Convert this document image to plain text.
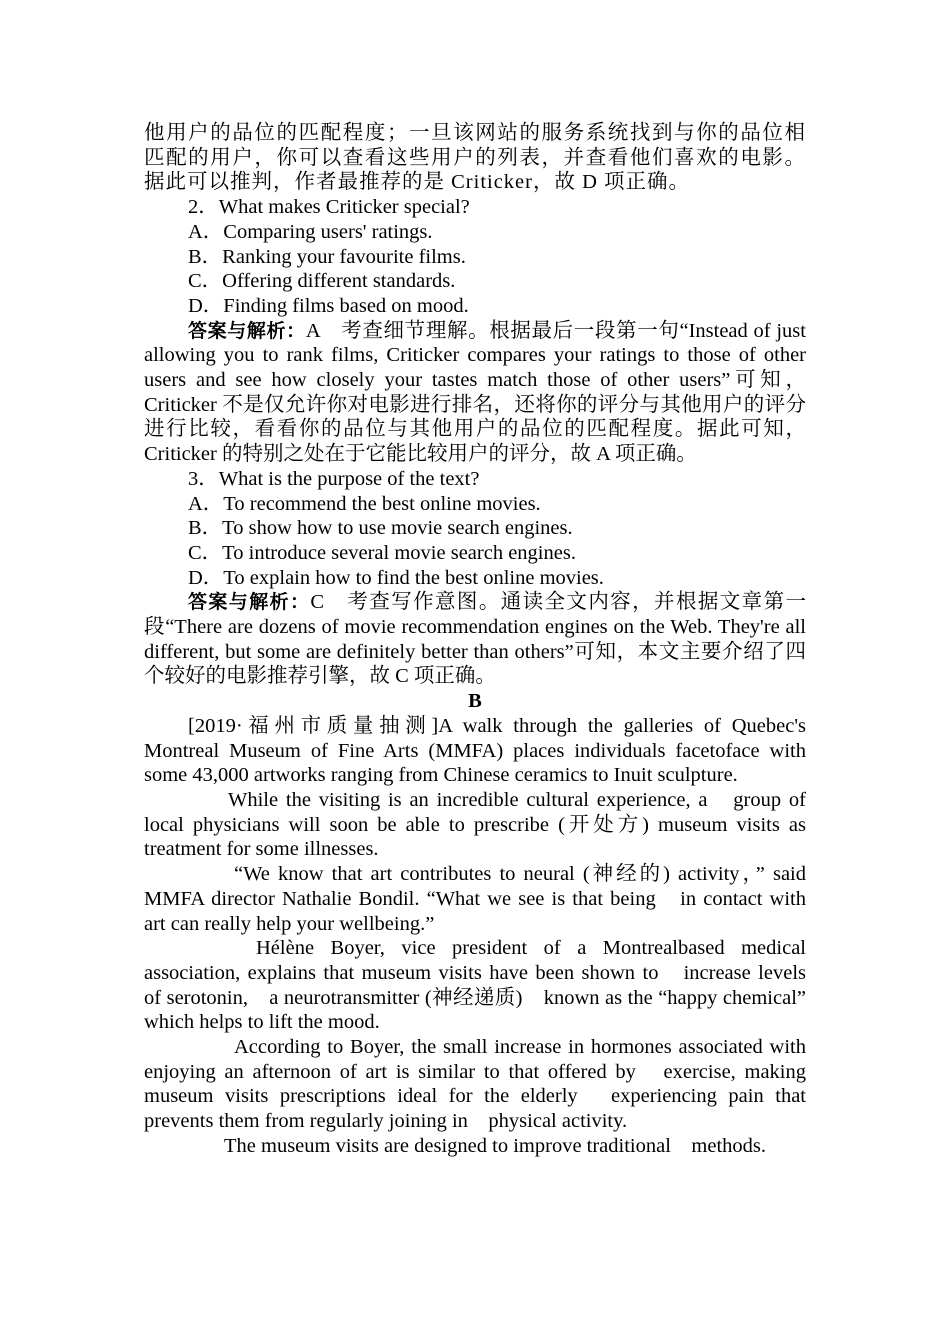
他用户的品位的匹配程度；一旦该网站的服务系统找到与你的品位相匹配的用户，你可以查看这些用户的列表，并查看他们喜欢的电影。据此可以推判，作者最推荐的是 Criticker，故 D 项正确。

2．What makes Criticker special?

A．Comparing users' ratings.

B．Ranking your favourite films.

C．Offering different standards.

D．Finding films based on mood.

答案与解析：A　考查细节理解。根据最后一段第一句“Instead of just allowing you to rank films, Criticker compares your ratings to those of other users and see how closely your tastes match those of other users”可知，Criticker 不是仅允许你对电影进行排名，还将你的评分与其他用户的评分进行比较，看看你的品位与其他用户的品位的匹配程度。据此可知，Criticker 的特别之处在于它能比较用户的评分，故 A 项正确。

3．What is the purpose of the text?

A．To recommend the best online movies.

B．To show how to use movie search engines.

C．To introduce several movie search engines.

D．To explain how to find the best online movies.

答案与解析：C　考查写作意图。通读全文内容，并根据文章第一段“There are dozens of movie recommendation engines on the Web. They're all different, but some are definitely better than others”可知，本文主要介绍了四个较好的电影推荐引擎，故 C 项正确。

B

[2019·福州市质量抽测]A walk through the galleries of Quebec's Montreal Museum of Fine Arts (MMFA) places individuals facetoface with some 43,000 artworks ranging from Chinese ceramics to Inuit sculpture.

While the visiting is an incredible cultural experience, a　group of local physicians will soon be able to prescribe (开处方) museum visits as treatment for some illnesses.

“We know that art contributes to neural (神经的) activity，” said MMFA director Nathalie Bondil. “What we see is that being　in contact with art can really help your wellbeing.”

Hélène Boyer, vice president of a Montrealbased medical association, explains that museum visits have been shown to　increase levels　of serotonin,　a neurotransmitter (神经递质)　known as the “happy chemical”　which helps to lift the mood.

According to Boyer, the small increase in hormones associated with enjoying an afternoon of art is similar to that offered by　exercise, making museum visits prescriptions ideal for the elderly　experiencing pain that prevents them from regularly joining in　physical activity.

The museum visits are designed to improve traditional　methods.
